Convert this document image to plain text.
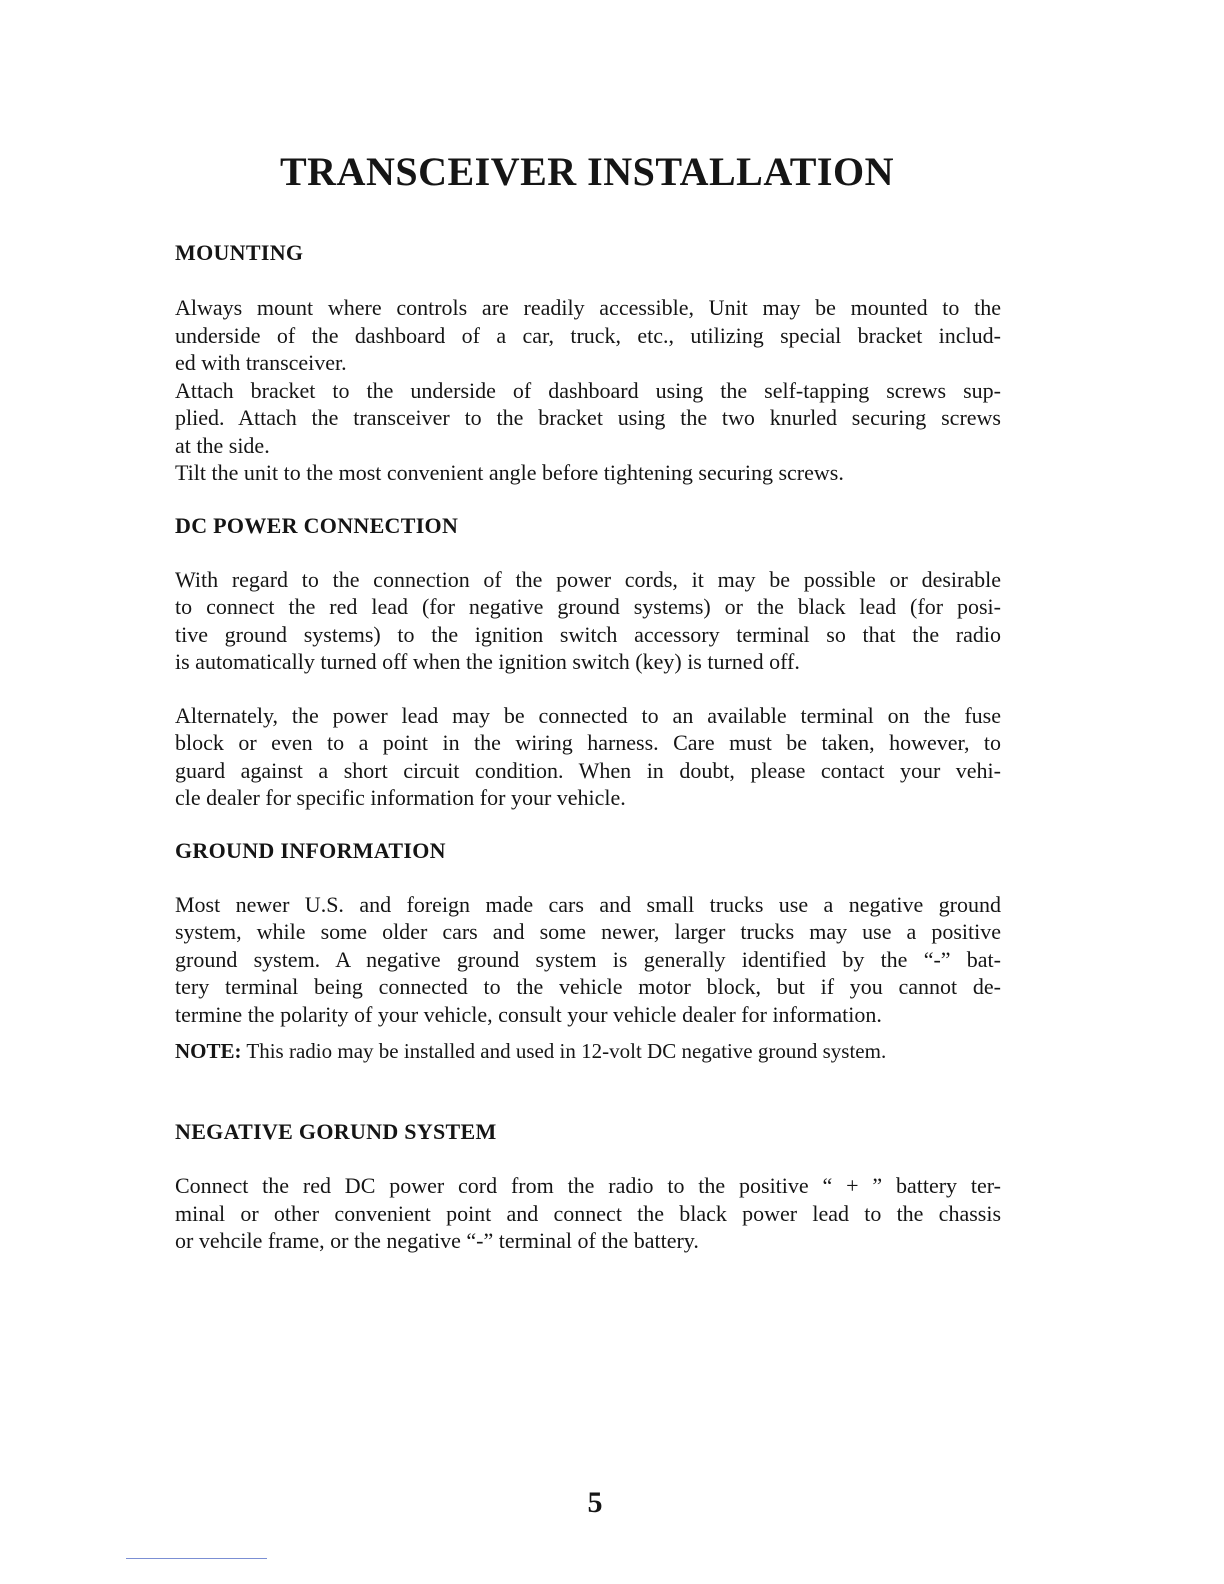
TRANSCEIVER INSTALLATION
MOUNTING

Always mount where controls are readily accessible, Unit may be mounted to the
underside of the dashboard of a car, truck, etc., utilizing special bracket includ-
ed with transceiver.

Attach bracket to the underside of dashboard using the self-tapping screws sup-
plied. Attach the transceiver to the bracket using the two knurled securing screws
at the side.

Tilt the unit to the most convenient angle before tightening securing screws.

DC POWER CONNECTION

With regard to the connection of the power cords, it may be possible or desirable
to connect the red lead (for negative ground systems) or the black lead (for posi-
tive ground systems) to the ignition switch accessory terminal so that the radio
is automatically turned off when the ignition switch (key) is turned off.

Alternately, the power lead may be connected to an available terminal on the fuse
block or even to a point in the wiring harness. Care must be taken, however, to
guard against a short circuit condition. When in doubt, please contact your vehi-
cle dealer for specific information for your vehicle.

GROUND INFORMATION

Most newer U.S. and foreign made cars and small trucks use a negative ground
system, while some older cars and some newer, larger trucks may use a positive
ground system. A negative ground system is generally identified by the “-” bat-
tery terminal being connected to the vehicle motor block, but if you cannot de-
termine the polarity of your vehicle, consult your vehicle dealer for information.

NOTE: This radio may be installed and used in 12-volt DC negative ground system.

NEGATIVE GORUND SYSTEM

Connect the red DC power cord from the radio to the positive “ + ” battery ter-
minal or other convenient point and connect the black power lead to the chassis
or vehcile frame, or the negative “-” terminal of the battery.

5
